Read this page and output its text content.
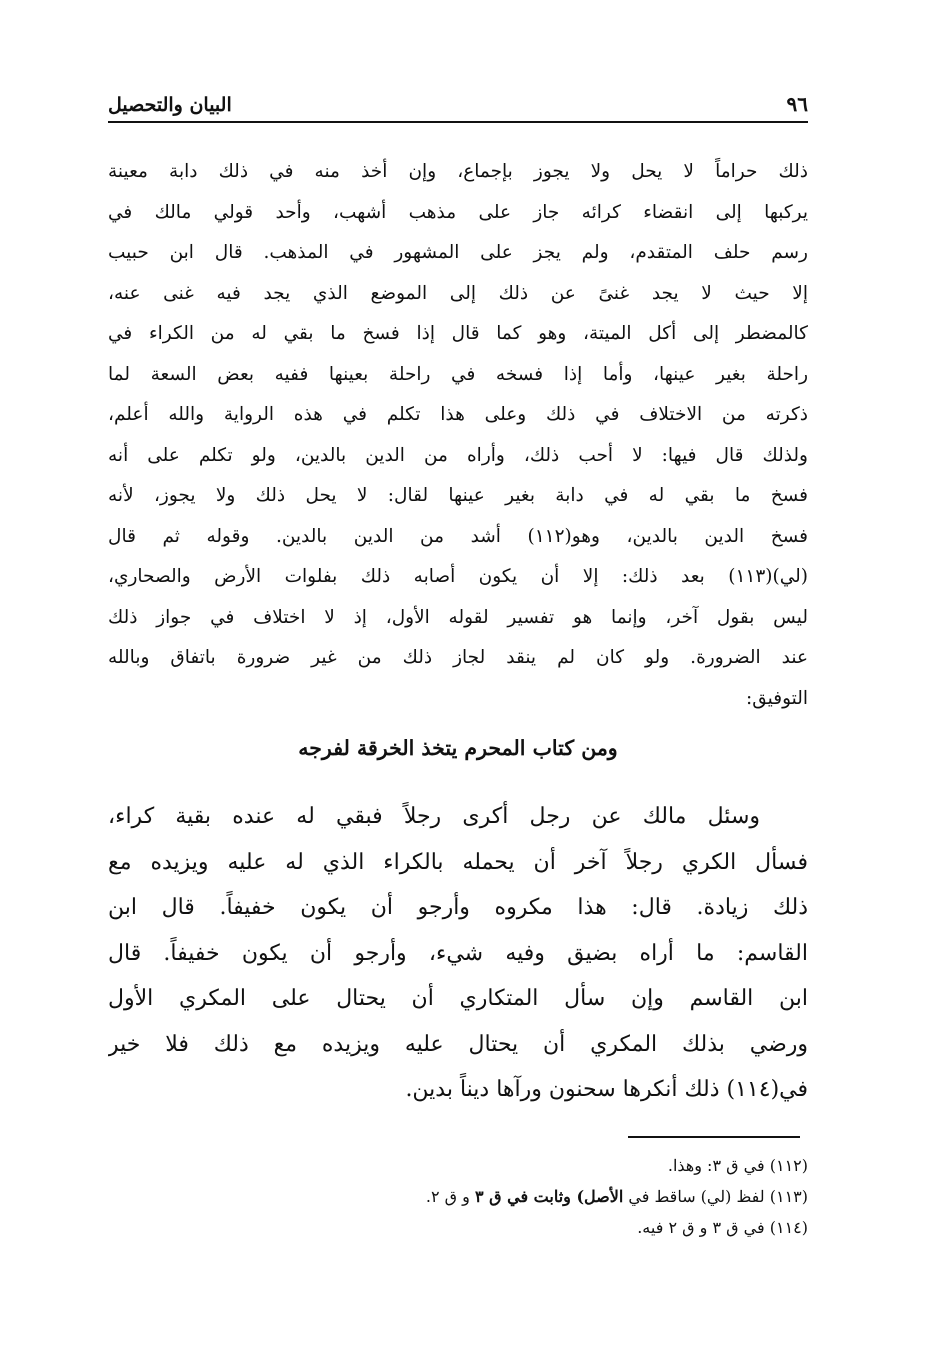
٩٦
البيان والتحصيل
ذلك حراماً لا يحل ولا يجوز بإجماع، وإن أخذ منه في ذلك دابة معينة
يركبها إلى انقضاء كرائه جاز على مذهب أشهب، وأحد قولي مالك في
رسم حلف المتقدم، ولم يجز على المشهور في المذهب. قال ابن حبيب
إلا حيث لا يجد غنىً عن ذلك إلى الموضع الذي يجد فيه غنى عنه،
كالمضطر إلى أكل الميتة، وهو كما قال إذا فسخ ما بقي له من الكراء في
راحلة بغير عينها، وأما إذا فسخه في راحلة بعينها ففيه بعض السعة لما
ذكرته من الاختلاف في ذلك وعلى هذا تكلم في هذه الرواية والله أعلم،
ولذلك قال فيها: لا أحب ذلك، وأراه من الدين بالدين، ولو تكلم على أنه
فسخ ما بقي له في دابة بغير عينها لقال: لا يحل ذلك ولا يجوز، لأنه
فسخ الدين بالدين، وهو(١١٢) أشد من الدين بالدين. وقوله ثم قال
(لي)(١١٣) بعد ذلك: إلا أن يكون أصابه ذلك بفلوات الأرض والصحاري،
ليس بقول آخر، وإنما هو تفسير لقوله الأول، إذ لا اختلاف في جواز ذلك
عند الضرورة. ولو كان لم ينقد لجاز ذلك من غير ضرورة باتفاق وبالله
التوفيق:
ومن كتاب المحرم يتخذ الخرقة لفرجه
وسئل مالك عن رجل أكرى رجلاً فبقي له عنده بقية كراء،
فسأل الكري رجلاً آخر أن يحمله بالكراء الذي له عليه ويزيده مع
ذلك زيادة. قال: هذا مكروه وأرجو أن يكون خفيفاً. قال ابن
القاسم: ما أراه بضيق وفيه شيء، وأرجو أن يكون خفيفاً. قال
ابن القاسم وإن سأل المتكاري أن يحتال على المكري الأول
ورضي بذلك المكري أن يحتال عليه ويزيده مع ذلك فلا خير
في(١١٤) ذلك أنكرها سحنون ورآها ديناً بدين.
(١١٢) في ق ٣: وهذا.
(١١٣) لفظ (لي) ساقط في الأصل) وثابت في ق ٣ و ق ٢.
(١١٤) في ق ٣ و ق ٢ فيه.
